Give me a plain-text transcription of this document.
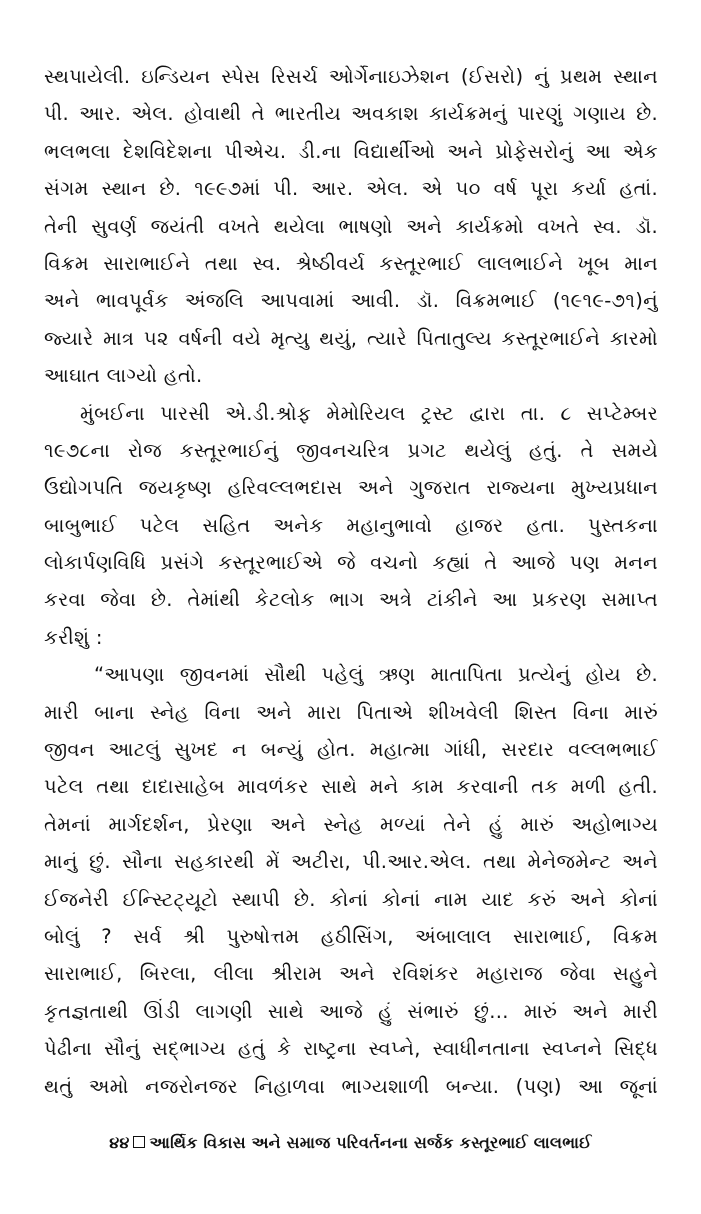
સ્થપાયેલી. ઇન્ડિયન સ્પેસ રિસર્ચ ઓર્ગેનાઇઝેશન (ઈસરો) નું પ્રથમ સ્થાન
પી. આર. એલ. હોવાથી તે ભારતીય અવકાશ કાર્યક્રમનું પારણું ગણાય છે.
ભલભલા દેશવિદેશના પીએચ. ડી.ના વિદ્યાર્થીઓ અને પ્રોફેસરોનું આ એક
સંગમ સ્થાન છે. ૧૯૯૭માં પી. આર. એલ. એ ૫૦ વર્ષ પૂરા કર્યા હતાં.
તેની સુવર્ણ જયંતી વખતે થયેલા ભાષણો અને કાર્યક્રમો વખતે સ્વ. ડૉ.
વિક્રમ સારાભાઈને તથા સ્વ. શ્રેષ્ઠીવર્ય કસ્તૂરભાઈ લાલભાઈને ખૂબ માન
અને ભાવપૂર્વક અંજલિ આપવામાં આવી. ડૉ. વિક્રમભાઈ (૧૯૧૯-૭૧)નું
જ્યારે માત્ર ૫૨ વર્ષની વયે મૃત્યુ થયું, ત્યારે પિતાતુલ્ય કસ્તૂરભાઈને કારમો
આઘાત લાગ્યો હતો.
મુંબઈના પારસી એ.ડી.શ્રોફ મેમોરિયલ ટ્રસ્ટ દ્વારા તા. ૮ સપ્ટેમ્બર
૧૯૭૮ના રોજ કસ્તૂરભાઈનું જીવનચરિત્ર પ્રગટ થયેલું હતું. તે સમયે
ઉદ્યોગપતિ જયકૃષ્ણ હરિવલ્લભદાસ અને ગુજરાત રાજ્યના મુખ્યપ્રધાન
બાબુભાઈ પટેલ સહિત અનેક મહાનુભાવો હાજર હતા. પુસ્તકના
લોકાર્પણવિધિ પ્રસંગે કસ્તૂરભાઈએ જે વચનો કહ્યાં તે આજે પણ મનન
કરવા જેવા છે. તેમાંથી કેટલોક ભાગ અત્રે ટાંકીને આ પ્રકરણ સમાપ્ત
કરીશું :
“આપણા જીવનમાં સૌથી પહેલું ઋણ માતાપિતા પ્રત્યેનું હોય છે.
મારી બાના સ્નેહ વિના અને મારા પિતાએ શીખવેલી શિસ્ત વિના મારું
જીવન આટલું સુખદ ન બન્યું હોત. મહાત્મા ગાંધી, સરદાર વલ્લભભાઈ
પટેલ તથા દાદાસાહેબ માવળંકર સાથે મને કામ કરવાની તક મળી હતી.
તેમનાં માર્ગદર્શન, પ્રેરણા અને સ્નેહ મળ્યાં તેને હું મારું અહોભાગ્ય
માનું છું. સૌના સહકારથી મેં અટીરા, પી.આર.એલ. તથા મેનેજમેન્ટ અને
ઈજનેરી ઈન્સ્ટિટ્યૂટો સ્થાપી છે. કોનાં કોનાં નામ યાદ કરું અને કોનાં
બોલું ? સર્વ શ્રી પુરુષોત્તમ હઠીસિંગ, અંબાલાલ સારાભાઈ, વિક્રમ
સારાભાઈ, બિરલા, લીલા શ્રીરામ અને રવિશંકર મહારાજ જેવા સહુને
કૃતજ્ઞતાથી ઊંડી લાગણી સાથે આજે હું સંભારું છું... મારું અને મારી
પેઢીના સૌનું સદ્ભાગ્ય હતું કે રાષ્ટ્રના સ્વપ્ને, સ્વાધીનતાના સ્વપ્નને સિદ્ધ
થતું અમો નજરોનજર નિહાળવા ભાગ્યશાળી બન્યા. (પણ) આ જૂનાં
૪૪ આર્થિક વિકાસ અને સમાજ પરિવર્તનના સર્જક કસ્તૂરભાઈ લાલભાઈ
